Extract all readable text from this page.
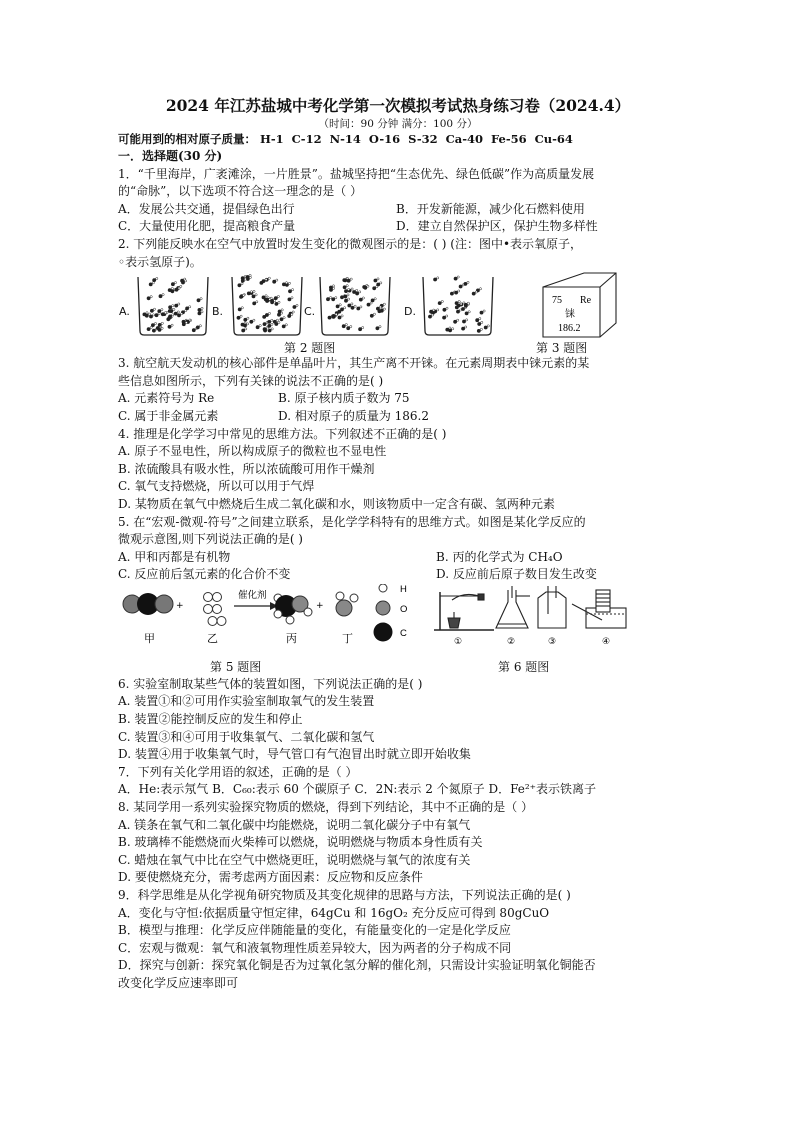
2024 年江苏盐城中考化学第一次模拟考试热身练习卷（2024.4）
（时间：90 分钟 满分：100 分）
可能用到的相对原子质量： H-1 C-12 N-14 O-16 S-32 Ca-40 Fe-56 Cu-64
一．选择题(30 分)
1．“千里海岸，广袤滩涂，一片胜景”。盐城坚持把“生态优先、绿色低碳”作为高质量发展
的“命脉”，以下选项不符合这一理念的是（ ）
A．发展公共交通，提倡绿色出行	B．开发新能源，减少化石燃料使用
C．大量使用化肥，提高粮食产量	D．建立自然保护区，保护生物多样性
2. 下列能反映水在空气中放置时发生变化的微观图示的是：( ) (注：图中•表示氧原子，
◦表示氢原子)。
75 Re
铼
186.2
A.	B.	C.	D.
第 2 题图	第 3 题图
3. 航空航天发动机的核心部件是单晶叶片，其生产离不开铼。在元素周期表中铼元素的某
些信息如图所示，下列有关铼的说法不正确的是( )
A. 元素符号为 Re	B. 原子核内质子数为 75
C. 属于非金属元素	D. 相对原子的质量为 186.2
4. 推理是化学学习中常见的思维方法。下列叙述不正确的是( )
A. 原子不显电性，所以构成原子的微粒也不显电性
B. 浓硫酸具有吸水性，所以浓硫酸可用作干燥剂
C. 氧气支持燃烧，所以可以用于气焊
D. 某物质在氧气中燃烧后生成二氧化碳和水，则该物质中一定含有碳、氢两种元素
5. 在“宏观-微观-符号”之间建立联系，是化学学科特有的思维方式。如图是某化学反应的
微观示意图,则下列说法正确的是( )
A. 甲和丙都是有机物	B. 丙的化学式为 CH₄O
C. 反应前后氢元素的化合价不变	D. 反应前后原子数目发生改变
+
催化剂
+
H
O
C
甲	乙	丙	丁	①	②	③	④
第 5 题图	第 6 题图
6. 实验室制取某些气体的装置如图，下列说法正确的是( )
A. 装置①和②可用作实验室制取氧气的发生装置
B. 装置②能控制反应的发生和停止
C. 装置③和④可用于收集氧气、二氧化碳和氢气
D. 装置④用于收集氧气时，导气管口有气泡冒出时就立即开始收集
7．下列有关化学用语的叙述，正确的是（ ）
A．He:表示氖气 B．C₆₀:表示 60 个碳原子 C．2N:表示 2 个氮原子 D．Fe²⁺表示铁离子
8. 某同学用一系列实验探究物质的燃烧，得到下列结论，其中不正确的是（ ）
A. 镁条在氧气和二氧化碳中均能燃烧，说明二氧化碳分子中有氧气
B. 玻璃棒不能燃烧而火柴棒可以燃烧，说明燃烧与物质本身性质有关
C. 蜡烛在氧气中比在空气中燃烧更旺，说明燃烧与氧气的浓度有关
D. 要使燃烧充分，需考虑两方面因素：反应物和反应条件
9．科学思维是从化学视角研究物质及其变化规律的思路与方法，下列说法正确的是( )
A．变化与守恒:依据质量守恒定律，64gCu 和 16gO₂ 充分反应可得到 80gCuO
B．模型与推理：化学反应伴随能量的变化，有能量变化的一定是化学反应
C．宏观与微观：氧气和液氧物理性质差异较大，因为两者的分子构成不同
D．探究与创新：探究氧化铜是否为过氧化氢分解的催化剂，只需设计实验证明氧化铜能否
改变化学反应速率即可
